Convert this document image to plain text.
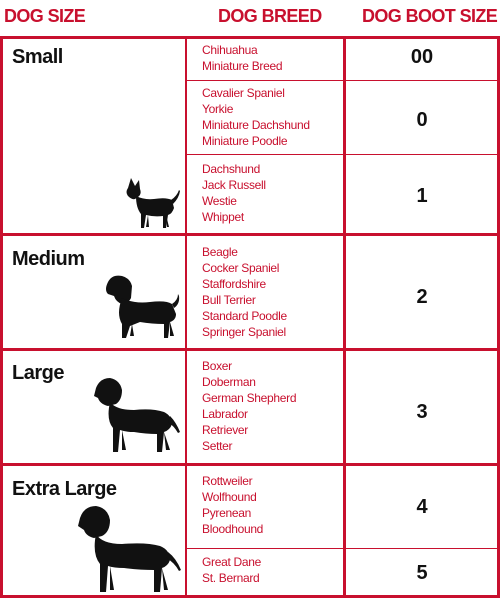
DOG SIZE	DOG BREED DOG BOOT SIZE
Small
Medium
Large
Extra Large
Chihuahua
Miniature Breed
Cavalier Spaniel
Yorkie
Miniature Dachshund
Miniature Poodle
Dachshund
Jack Russell
Westie
Whippet
Beagle
Cocker Spaniel
Staffordshire
Bull Terrier
Standard Poodle
Springer Spaniel
Boxer
Doberman
German Shepherd
Labrador
Retriever
Setter
Rottweiler
Wolfhound
Pyrenean
Bloodhound
Great Dane
St. Bernard
00
0
1
2
3
4
5
